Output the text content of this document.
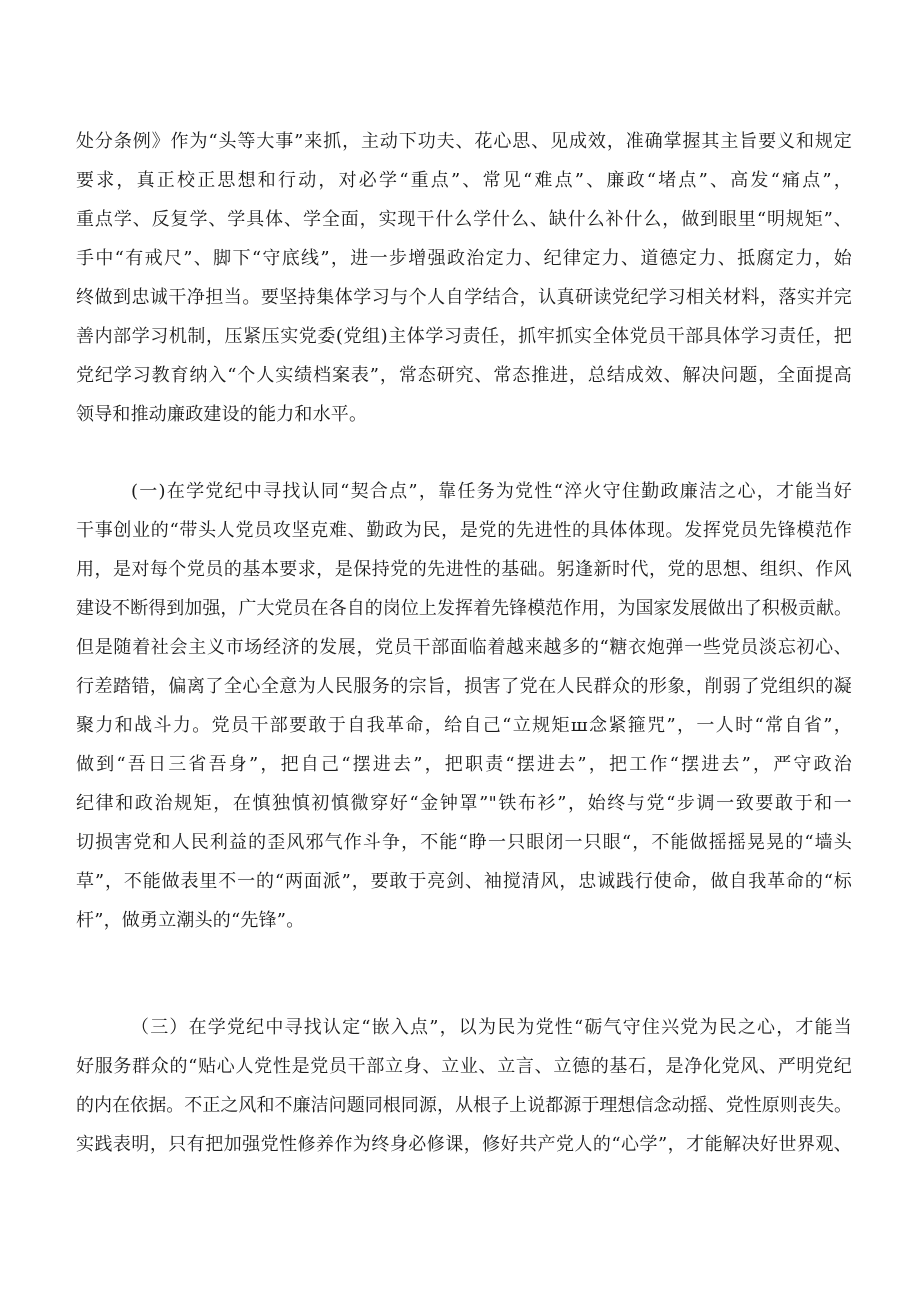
处分条例》作为“头等大事”来抓，主动下功夫、花心思、见成效，准确掌握其主旨要义和规定
要求，真正校正思想和行动，对必学“重点”、常见“难点”、廉政“堵点”、高发“痛点”，
重点学、反复学、学具体、学全面，实现干什么学什么、缺什么补什么，做到眼里“明规矩”、
手中“有戒尺”、脚下“守底线”，进一步增强政治定力、纪律定力、道德定力、抵腐定力，始
终做到忠诚干净担当。要坚持集体学习与个人自学结合，认真研读党纪学习相关材料，落实并完
善内部学习机制，压紧压实党委(党组)主体学习责任，抓牢抓实全体党员干部具体学习责任，把
党纪学习教育纳入“个人实绩档案表”，常态研究、常态推进，总结成效、解决问题，全面提高
领导和推动廉政建设的能力和水平。
(一)在学党纪中寻找认同“契合点”，靠任务为党性“淬火守住勤政廉洁之心，才能当好
干事创业的“带头人党员攻坚克难、勤政为民，是党的先进性的具体体现。发挥党员先锋模范作
用，是对每个党员的基本要求，是保持党的先进性的基础。躬逢新时代，党的思想、组织、作风
建设不断得到加强，广大党员在各自的岗位上发挥着先锋模范作用，为国家发展做出了积极贡献。
但是随着社会主义市场经济的发展，党员干部面临着越来越多的“糖衣炮弹一些党员淡忘初心、
行差踏错，偏离了全心全意为人民服务的宗旨，损害了党在人民群众的形象，削弱了党组织的凝
聚力和战斗力。党员干部要敢于自我革命，给自己“立规矩ш念紧箍咒”，一人时“常自省”，
做到“吾日三省吾身”，把自己“摆进去”，把职责“摆进去”，把工作“摆进去”，严守政治
纪律和政治规矩，在慎独慎初慎微穿好“金钟罩”"铁布衫”，始终与党“步调一致要敢于和一
切损害党和人民利益的歪风邪气作斗争，不能“睁一只眼闭一只眼“，不能做摇摇晃晃的“墙头
草”，不能做表里不一的“两面派”，要敢于亮剑、袖搅清风，忠诚践行使命，做自我革命的“标
杆”，做勇立潮头的“先锋”。
（三）在学党纪中寻找认定“嵌入点”，以为民为党性“砺气守住兴党为民之心，才能当
好服务群众的“贴心人党性是党员干部立身、立业、立言、立德的基石，是净化党风、严明党纪
的内在依据。不正之风和不廉洁问题同根同源，从根子上说都源于理想信念动摇、党性原则丧失。
实践表明，只有把加强党性修养作为终身必修课，修好共产党人的“心学”，才能解决好世界观、
